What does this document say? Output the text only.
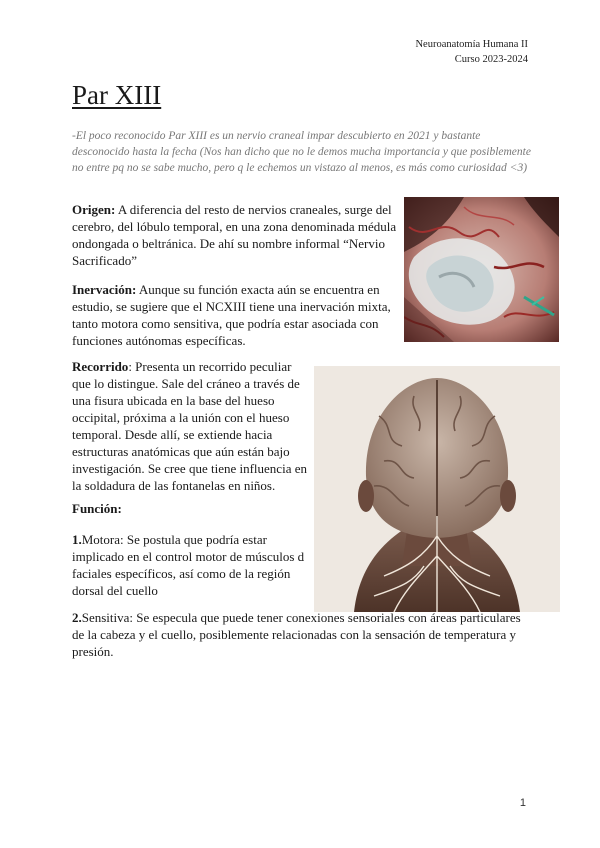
Neuroanatomía Humana II
Curso 2023-2024
Par XIII
-El poco reconocido Par XIII es un nervio craneal impar descubierto en 2021 y bastante desconocido hasta la fecha (Nos han dicho que no le demos mucha importancia y que posiblemente no entre pq no se sabe mucho, pero q le echemos un vistazo al menos, es más como curiosidad <3)
Origen: A diferencia del resto de nervios craneales, surge del cerebro, del lóbulo temporal, en una zona denominada médula ondongada o beltránica. De ahí su nombre informal “Nervio Sacrificado”
Inervación: Aunque su función exacta aún se encuentra en estudio, se sugiere que el NCXIII tiene una inervación mixta, tanto motora como sensitiva, que podría estar asociada con funciones autónomas específicas.
Recorrido: Presenta un recorrido peculiar que lo distingue. Sale del cráneo a través de una fisura ubicada en la base del hueso occipital, próxima a la unión con el hueso temporal. Desde allí, se extiende hacia estructuras anatómicas que aún están bajo investigación. Se cree que tiene influencia en la soldadura de las fontanelas en niños.
Función:
1.Motora: Se postula que podría estar implicado en el control motor de músculos d faciales específicos, así como de la región dorsal del cuello
2.Sensitiva: Se especula que puede tener conexiones sensoriales con áreas particulares de la cabeza y el cuello, posiblemente relacionadas con la sensación de temperatura y presión.
1
